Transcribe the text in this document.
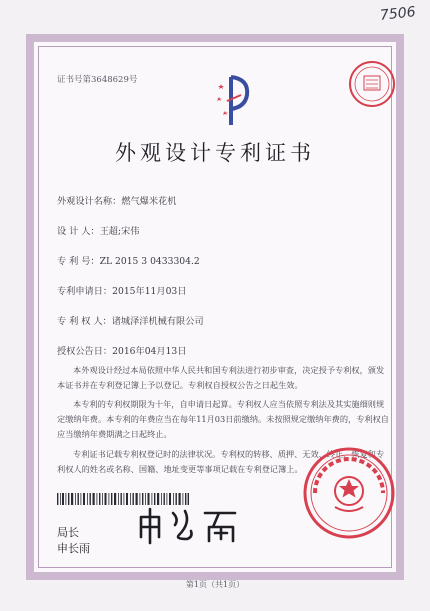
7506
证书号第3648629号
外观设计专利证书
外观设计名称：燃气爆米花机
设 计 人：王超;宋伟
专 利 号：ZL 2015 3 0433304.2
专利申请日：2015年11月03日
专 利 权 人：诸城泽洋机械有限公司
授权公告日：2016年04月13日
本外观设计经过本局依照中华人民共和国专利法进行初步审查，决定授予专利权，颁发本证书并在专利登记簿上予以登记。专利权自授权公告之日起生效。
本专利的专利权期限为十年，自申请日起算。专利权人应当依照专利法及其实施细则规定缴纳年费。本专利的年费应当在每年11月03日前缴纳。未按照规定缴纳年费的，专利权自应当缴纳年费期满之日起终止。
专利证书记载专利权登记时的法律状况。专利权的转移、质押、无效、终止、恢复和专利权人的姓名或名称、国籍、地址变更等事项记载在专利登记簿上。
局长
申长雨
第1页（共1页）
